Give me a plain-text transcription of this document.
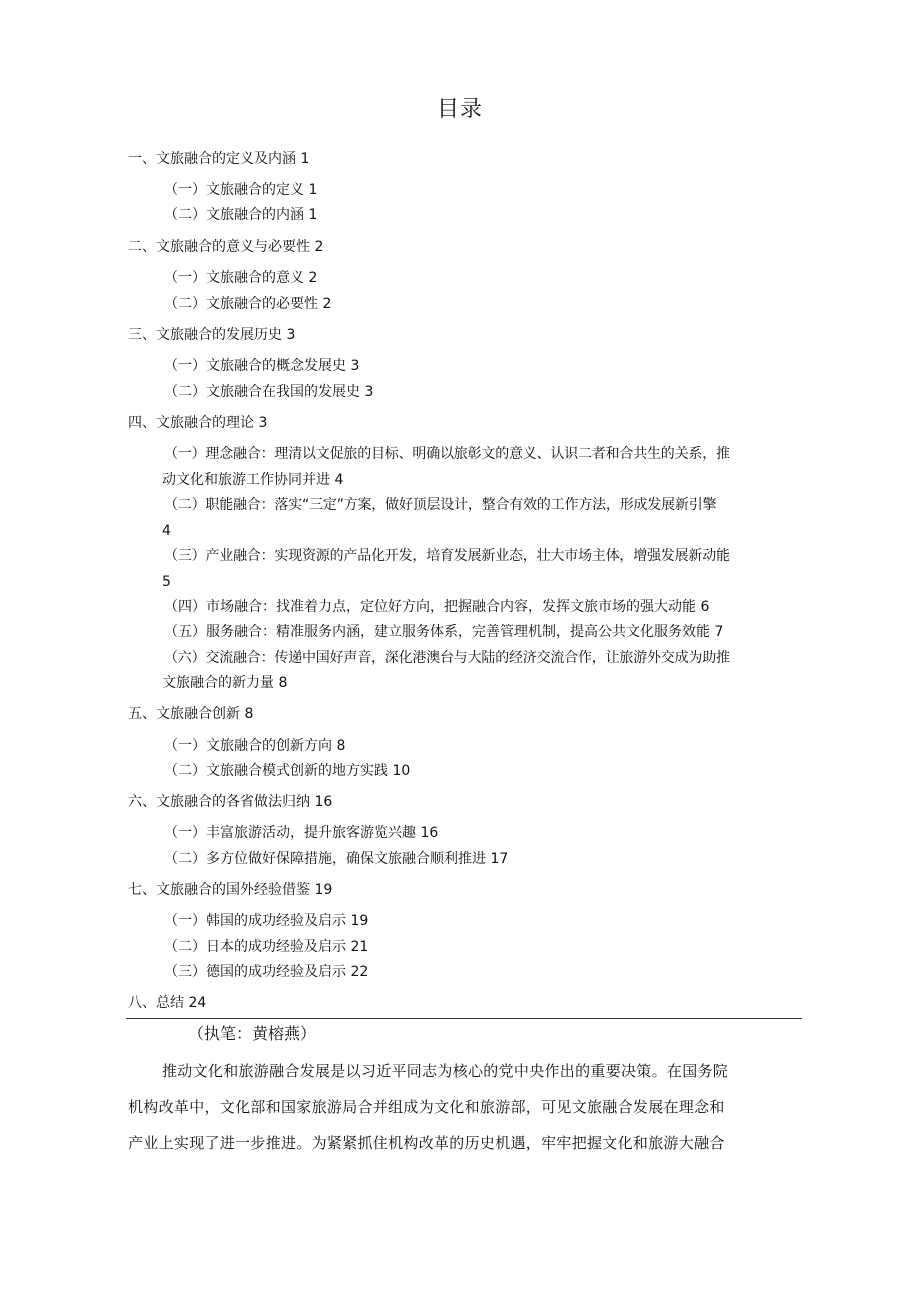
目录
一、文旅融合的定义及内涵 1
（一）文旅融合的定义 1
（二）文旅融合的内涵 1
二、文旅融合的意义与必要性 2
（一）文旅融合的意义 2
（二）文旅融合的必要性 2
三、文旅融合的发展历史 3
（一）文旅融合的概念发展史 3
（二）文旅融合在我国的发展史 3
四、文旅融合的理论 3
（一）理念融合：理清以文促旅的目标、明确以旅彰文的意义、认识二者和合共生的关系，推
动文化和旅游工作协同并进 4
（二）职能融合：落实“三定”方案，做好顶层设计，整合有效的工作方法，形成发展新引擎
4
（三）产业融合：实现资源的产品化开发，培育发展新业态，壮大市场主体，增强发展新动能
5
（四）市场融合：找准着力点，定位好方向，把握融合内容，发挥文旅市场的强大动能 6
（五）服务融合：精准服务内涵，建立服务体系，完善管理机制，提高公共文化服务效能 7
（六）交流融合：传递中国好声音，深化港澳台与大陆的经济交流合作，让旅游外交成为助推
文旅融合的新力量 8
五、文旅融合创新 8
（一）文旅融合的创新方向 8
（二）文旅融合模式创新的地方实践 10
六、文旅融合的各省做法归纳 16
（一）丰富旅游活动，提升旅客游览兴趣 16
（二）多方位做好保障措施，确保文旅融合顺利推进 17
七、文旅融合的国外经验借鉴 19
（一）韩国的成功经验及启示 19
（二）日本的成功经验及启示 21
（三）德国的成功经验及启示 22
八、总结 24
（执笔：黄榕燕）
推动文化和旅游融合发展是以习近平同志为核心的党中央作出的重要决策。在国务院
机构改革中，文化部和国家旅游局合并组成为文化和旅游部，可见文旅融合发展在理念和
产业上实现了进一步推进。为紧紧抓住机构改革的历史机遇，牢牢把握文化和旅游大融合
